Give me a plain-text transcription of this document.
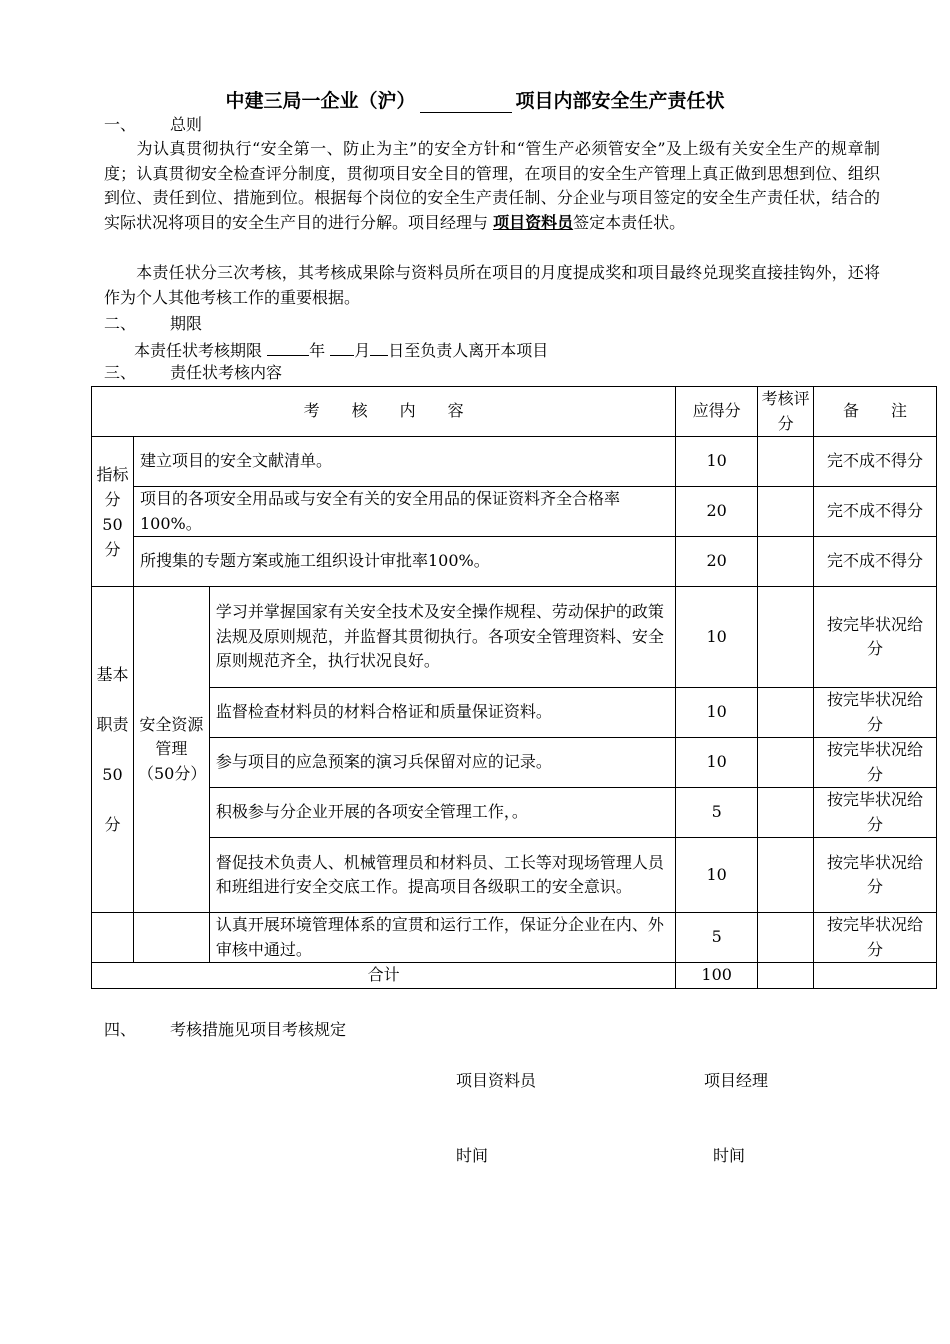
中建三局一企业（沪）	项目内部安全生产责任状
一、 总则
为认真贯彻执行“安全第一、防止为主”的安全方针和“管生产必须管安全”及上级有关安全生产的规章制度；认真贯彻安全检查评分制度，贯彻项目安全目的管理，在项目的安全生产管理上真正做到思想到位、组织到位、责任到位、措施到位。根据每个岗位的安全生产责任制、分企业与项目签定的安全生产责任状，结合的实际状况将项目的安全生产目的进行分解。项目经理与 项目资料员签定本责任状。
本责任状分三次考核，其考核成果除与资料员所在项目的月度提成奖和项目最终兑现奖直接挂钩外，还将作为个人其他考核工作的重要根据。
二、 期限
本责任状考核期限	年 月 日至负责人离开本项目
三、 责任状考核内容
考　　核　　内　　容			应得分	考核评分	备　　注
指标分50分	建立项目的安全文献清单。		10		完不成不得分
	项目的各项安全用品或与安全有关的安全用品的保证资料齐全合格率100%。		20		完不成不得分
	所搜集的专题方案或施工组织设计审批率100%。		20		完不成不得分
基本职责50分	安全资源管理（50分）	学习并掌握国家有关安全技术及安全操作规程、劳动保护的政策法规及原则规范，并监督其贯彻执行。各项安全管理资料、安全原则规范齐全，执行状况良好。	10		按完毕状况给分
		监督检查材料员的材料合格证和质量保证资料。	10		按完毕状况给分
		参与项目的应急预案的演习兵保留对应的记录。	10		按完毕状况给分
		积极参与分企业开展的各项安全管理工作，。	5		按完毕状况给分
		督促技术负责人、机械管理员和材料员、工长等对现场管理人员和班组进行安全交底工作。提高项目各级职工的安全意识。	10		按完毕状况给分
		认真开展环境管理体系的宣贯和运行工作，保证分企业在内、外审核中通过。	5		按完毕状况给分
合计			100		
四、 考核措施见项目考核规定
项目资料员	项目经理
时间	时间
